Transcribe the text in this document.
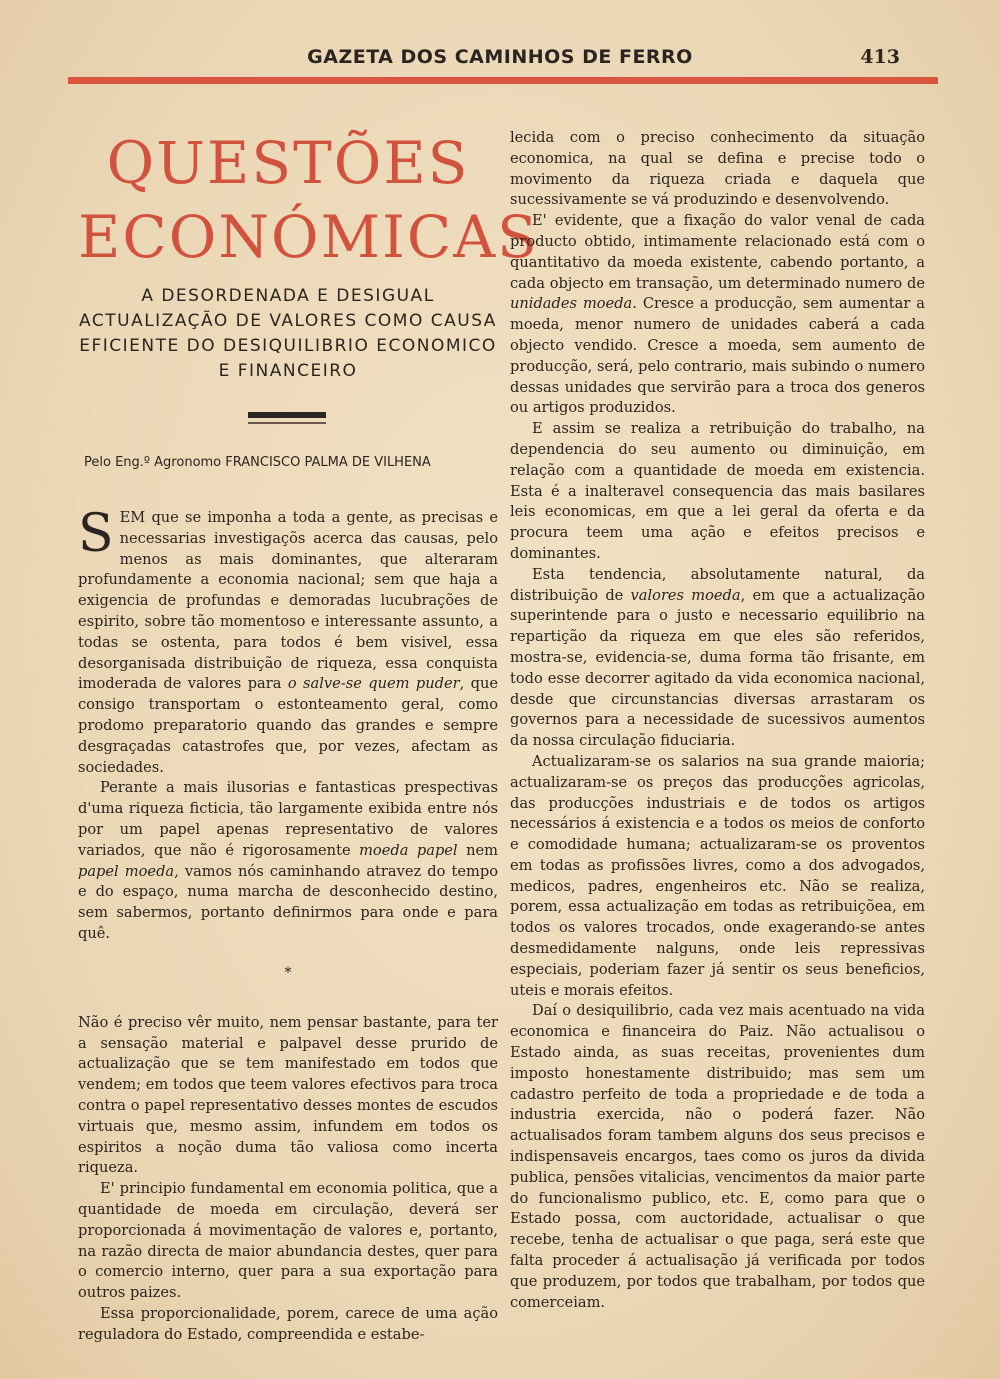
GAZETA DOS CAMINHOS DE FERRO	413
QUESTÕES
ECONÓMICAS
A DESORDENADA E DESIGUAL ACTUALIZAÇÃO DE VALORES COMO CAUSA EFICIENTE DO DESIQUILIBRIO ECONOMICO E FINANCEIRO
Pelo Eng.º Agronomo FRANCISCO PALMA DE VILHENA

SEM que se imponha a toda a gente, as precisas e necessarias investigaçõs acerca das causas, pelo menos as mais dominantes, que alteraram profundamente a economia nacional; sem que haja a exigencia de profundas e demoradas lucubrações de espirito, sobre tão momentoso e interessante assunto, a todas se ostenta, para todos é bem visivel, essa desorganisada distribuição de riqueza, essa conquista imoderada de valores para o salve-se quem puder, que consigo transportam o estonteamento geral, como prodomo preparatorio quando das grandes e sempre desgraçadas catastrofes que, por vezes, afectam as sociedades.

Perante a mais ilusorias e fantasticas prespectivas d'uma riqueza ficticia, tão largamente exibida entre nós por um papel apenas representativo de valores variados, que não é rigorosamente moeda papel nem papel moeda, vamos nós caminhando atravez do tempo e do espaço, numa marcha de desconhecido destino, sem sabermos, portanto definirmos para onde e para quê.

*

Não é preciso vêr muito, nem pensar bastante, para ter a sensação material e palpavel desse prurido de actualização que se tem manifestado em todos que vendem; em todos que teem valores efectivos para troca contra o papel representativo desses montes de escudos virtuais que, mesmo assim, infundem em todos os espiritos a noção duma tão valiosa como incerta riqueza.

E' principio fundamental em economia politica, que a quantidade de moeda em circulação, deverá ser proporcionada á movimentação de valores e, portanto, na razão directa de maior abundancia destes, quer para o comercio interno, quer para a sua exportação para outros paizes.

Essa proporcionalidade, porem, carece de uma ação reguladora do Estado, compreendida e estabe-

lecida com o preciso conhecimento da situação economica, na qual se defina e precise todo o movimento da riqueza criada e daquela que sucessivamente se vá produzindo e desenvolvendo.

E' evidente, que a fixação do valor venal de cada producto obtido, intimamente relacionado está com o quantitativo da moeda existente, cabendo portanto, a cada objecto em transação, um determinado numero de unidades moeda. Cresce a producção, sem aumentar a moeda, menor numero de unidades caberá a cada objecto vendido. Cresce a moeda, sem aumento de producção, será, pelo contrario, mais subindo o numero dessas unidades que servirão para a troca dos generos ou artigos produzidos.

E assim se realiza a retribuição do trabalho, na dependencia do seu aumento ou diminuição, em relação com a quantidade de moeda em existencia. Esta é a inalteravel consequencia das mais basilares leis economicas, em que a lei geral da oferta e da procura teem uma ação e efeitos precisos e dominantes.

Esta tendencia, absolutamente natural, da distribuição de valores moeda, em que a actualização superintende para o justo e necessario equilibrio na repartição da riqueza em que eles são referidos, mostra-se, evidencia-se, duma forma tão frisante, em todo esse decorrer agitado da vida economica nacional, desde que circunstancias diversas arrastaram os governos para a necessidade de sucessivos aumentos da nossa circulação fiduciaria.

Actualizaram-se os salarios na sua grande maioria; actualizaram-se os preços das producções agricolas, das producções industriais e de todos os artigos necessários á existencia e a todos os meios de conforto e comodidade humana; actualizaram-se os proventos em todas as profissões livres, como a dos advogados, medicos, padres, engenheiros etc. Não se realiza, porem, essa actualização em todas as retribuiçõea, em todos os valores trocados, onde exagerando-se antes desmedidamente nalguns, onde leis repressivas especiais, poderiam fazer já sentir os seus beneficios, uteis e morais efeitos.

Daí o desiquilibrio, cada vez mais acentuado na vida economica e financeira do Paiz. Não actualisou o Estado ainda, as suas receitas, provenientes dum imposto honestamente distribuido; mas sem um cadastro perfeito de toda a propriedade e de toda a industria exercida, não o poderá fazer. Não actualisados foram tambem alguns dos seus precisos e indispensaveis encargos, taes como os juros da divida publica, pensões vitalicias, vencimentos da maior parte do funcionalismo publico, etc. E, como para que o Estado possa, com auctoridade, actualisar o que recebe, tenha de actualisar o que paga, será este que falta proceder á actualisação já verificada por todos que produzem, por todos que trabalham, por todos que comerceiam.
